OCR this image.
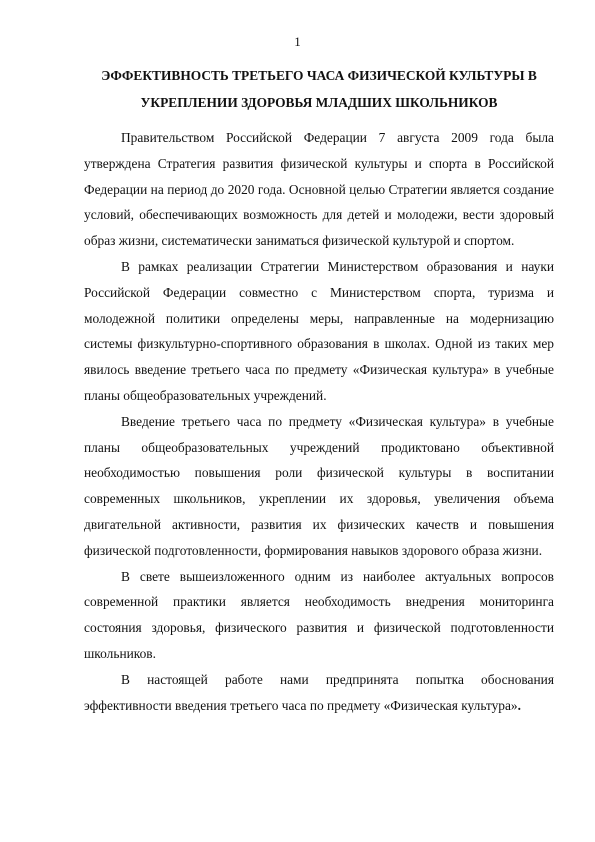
1
ЭФФЕКТИВНОСТЬ ТРЕТЬЕГО ЧАСА ФИЗИЧЕСКОЙ КУЛЬТУРЫ В УКРЕПЛЕНИИ ЗДОРОВЬЯ МЛАДШИХ ШКОЛЬНИКОВ

Правительством Российской Федерации 7 августа 2009 года была утверждена Стратегия развития физической культуры и спорта в Российской Федерации на период до 2020 года. Основной целью Стратегии является создание условий, обеспечивающих возможность для детей и молодежи, вести здоровый образ жизни, систематически заниматься физической культурой и спортом.

В рамках реализации Стратегии Министерством образования и науки Российской Федерации совместно с Министерством спорта, туризма и молодежной политики определены меры, направленные на модернизацию системы физкультурно-спортивного образования в школах. Одной из таких мер явилось введение третьего часа по предмету «Физическая культура» в учебные планы общеобразовательных учреждений.

Введение третьего часа по предмету «Физическая культура» в учебные планы общеобразовательных учреждений продиктовано объективной необходимостью повышения роли физической культуры в воспитании современных школьников, укреплении их здоровья, увеличения объема двигательной активности, развития их физических качеств и повышения физической подготовленности, формирования навыков здорового образа жизни.

В свете вышеизложенного одним из наиболее актуальных вопросов современной практики является необходимость внедрения мониторинга состояния здоровья, физического развития и физической подготовленности школьников.

В настоящей работе нами предпринята попытка обоснования эффективности введения третьего часа по предмету «Физическая культура».
